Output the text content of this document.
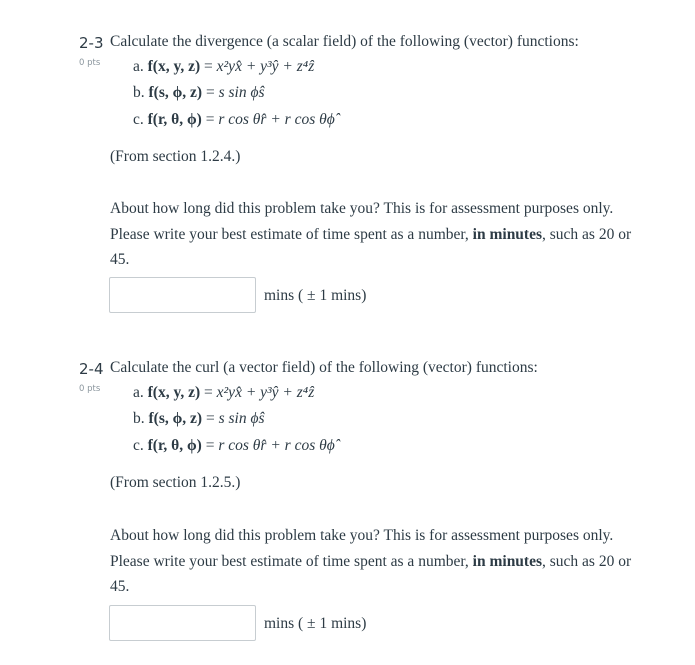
2-3
0 pts
Calculate the divergence (a scalar field) of the following (vector) functions:
a. f(x, y, z) = x²yx̂ + y³ŷ + z⁴ẑ
b. f(s, ϕ, z) = s sin ϕŝ
c. f(r, θ, ϕ) = r cos θr̂ + r cos θϕ̂
(From section 1.2.4.)
About how long did this problem take you? This is for assessment purposes only. Please write your best estimate of time spent as a number, in minutes, such as 20 or 45.
mins ( ± 1 mins)
2-4
0 pts
Calculate the curl (a vector field) of the following (vector) functions:
a. f(x, y, z) = x²yx̂ + y³ŷ + z⁴ẑ
b. f(s, ϕ, z) = s sin ϕŝ
c. f(r, θ, ϕ) = r cos θr̂ + r cos θϕ̂
(From section 1.2.5.)
About how long did this problem take you? This is for assessment purposes only. Please write your best estimate of time spent as a number, in minutes, such as 20 or 45.
mins ( ± 1 mins)
